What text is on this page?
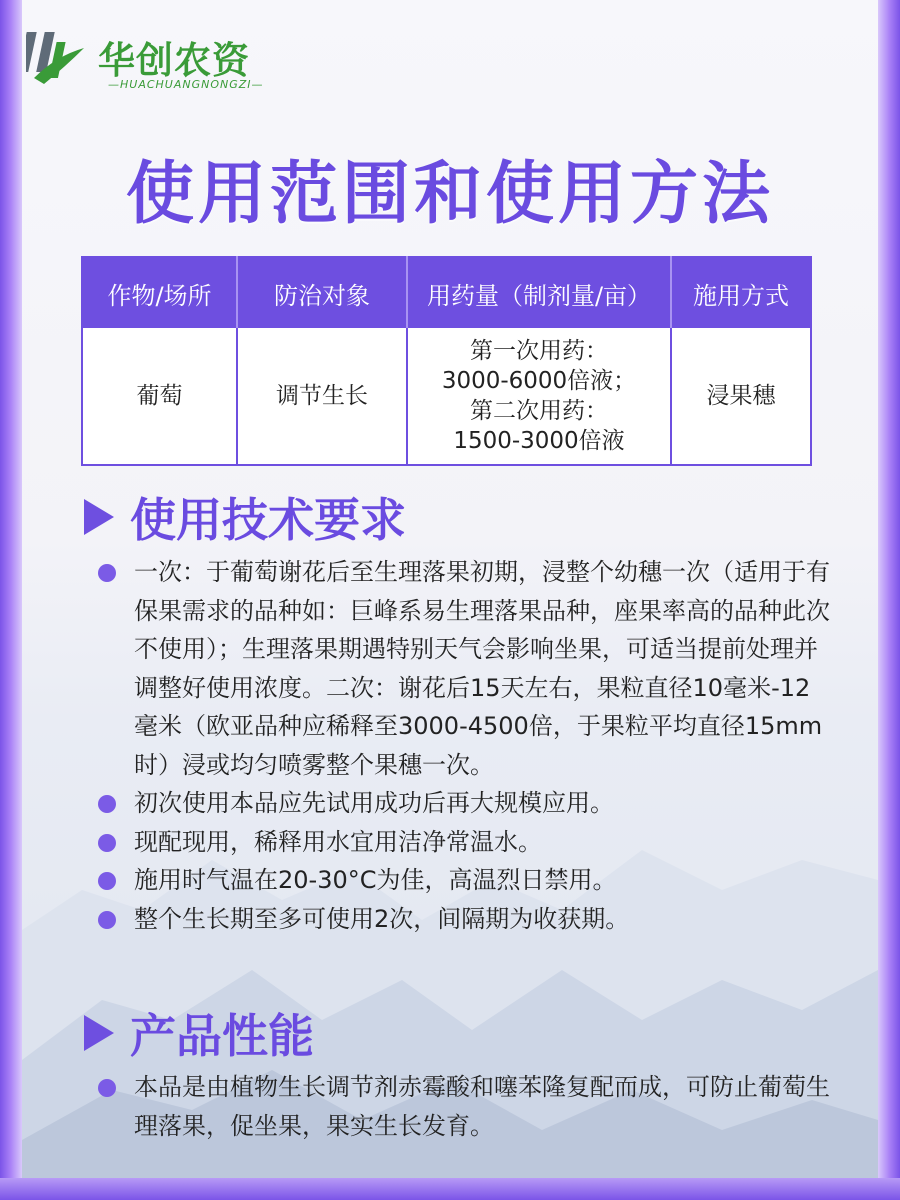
华创农资
—HUACHUANGNONGZI—
使用范围和使用方法
作物/场所	防治对象	用药量（制剂量/亩）	施用方式
葡萄	调节生长	第一次用药：
3000-6000倍液；
第二次用药：
1500-3000倍液	浸果穗
使用技术要求
一次：于葡萄谢花后至生理落果初期，浸整个幼穗一次（适用于有保果需求的品种如：巨峰系易生理落果品种，座果率高的品种此次不使用）；生理落果期遇特别天气会影响坐果，可适当提前处理并调整好使用浓度。二次：谢花后15天左右，果粒直径10毫米-12毫米（欧亚品种应稀释至3000-4500倍，于果粒平均直径15mm时）浸或均匀喷雾整个果穗一次。
初次使用本品应先试用成功后再大规模应用。
现配现用，稀释用水宜用洁净常温水。
施用时气温在20-30°C为佳，高温烈日禁用。
整个生长期至多可使用2次，间隔期为收获期。
产品性能
本品是由植物生长调节剂赤霉酸和噻苯隆复配而成，可防止葡萄生理落果，促坐果，果实生长发育。
